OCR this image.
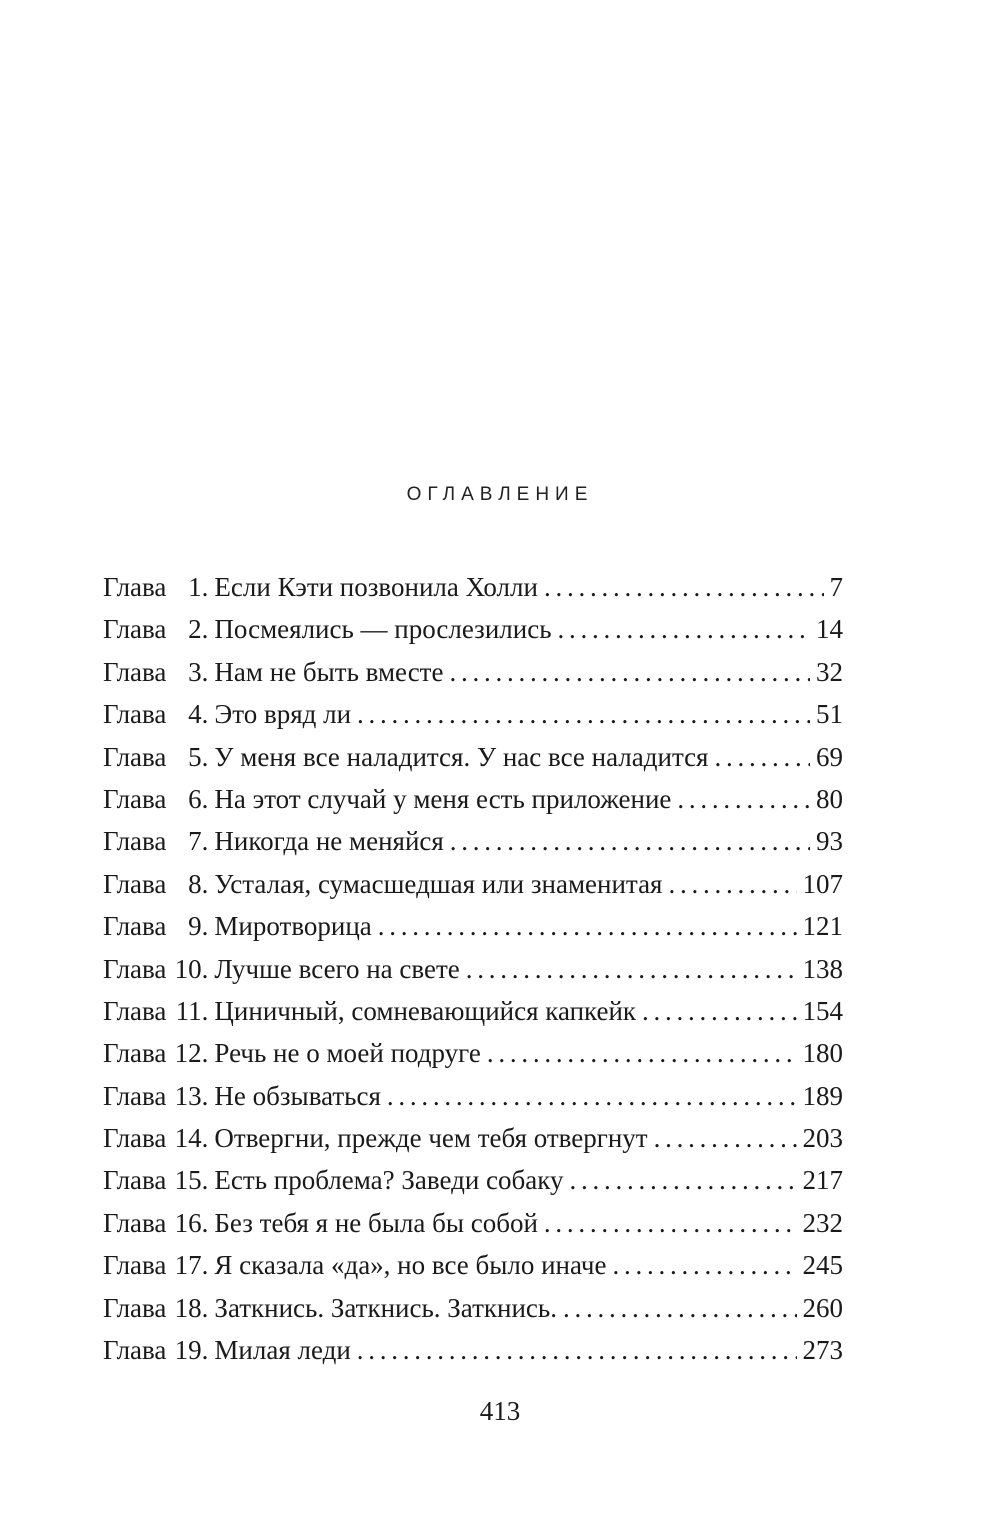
ОГЛАВЛЕНИЕ
Глава 1. Если Кэти позвонила Холли . . .	7
Глава 2. Посмеялись — прослезились . . .	14
Глава 3. Нам не быть вместе . . .	32
Глава 4. Это вряд ли . . .	51
Глава 5. У меня все наладится. У нас все наладится . . .	69
Глава 6. На этот случай у меня есть приложение . . .	80
Глава 7. Никогда не меняйся . . .	93
Глава 8. Усталая, сумасшедшая или знаменитая . . .	107
Глава 9. Миротворица . . .	121
Глава 10. Лучше всего на свете . . .	138
Глава 11. Циничный, сомневающийся капкейк . . .	154
Глава 12. Речь не о моей подруге . . .	180
Глава 13. Не обзываться . . .	189
Глава 14. Отвергни, прежде чем тебя отвергнут . . .	203
Глава 15. Есть проблема? Заведи собаку . . .	217
Глава 16. Без тебя я не была бы собой . . .	232
Глава 17. Я сказала «да», но все было иначе . . .	245
Глава 18. Заткнись. Заткнись. Заткнись. . . .	260
Глава 19. Милая леди . . .	273
413
